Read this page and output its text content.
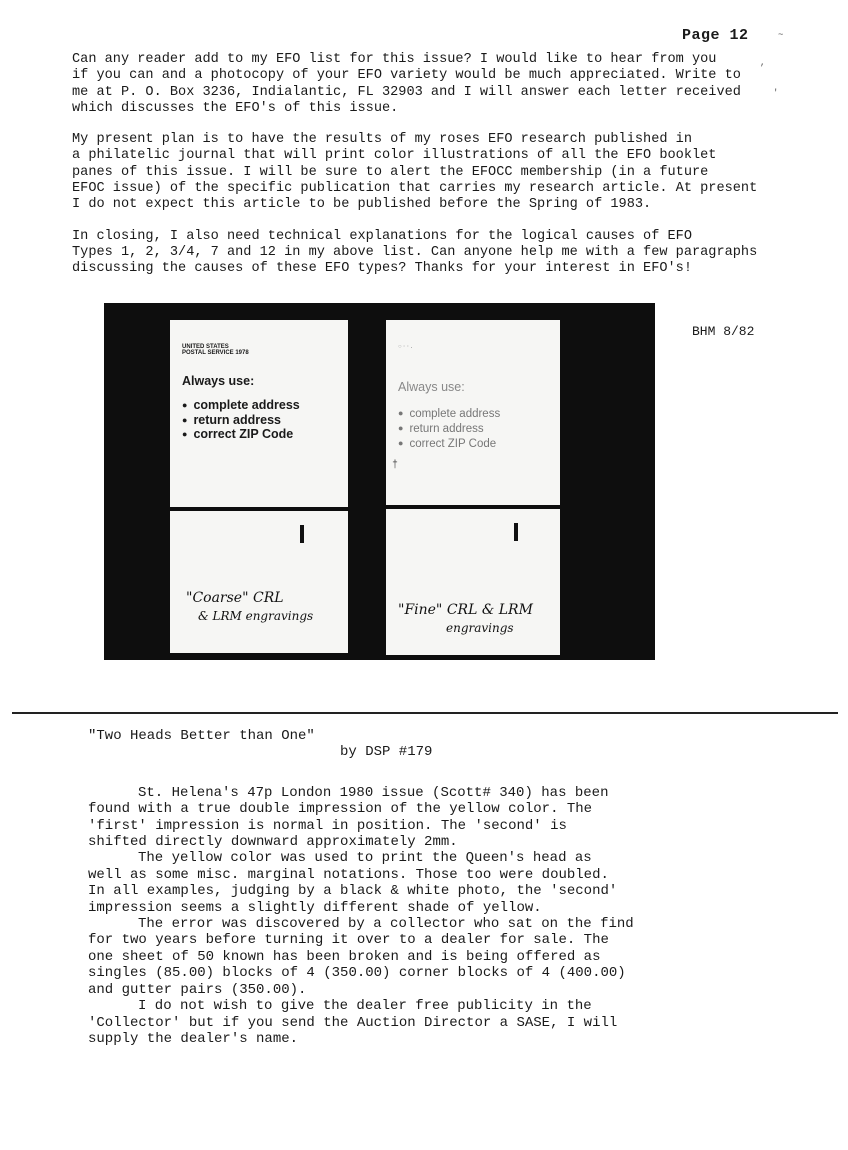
Page 12	~
,
'

Can any reader add to my EFO list for this issue? I would like to hear from you
if you can and a photocopy of your EFO variety would be much appreciated. Write to
me at P. O. Box 3236, Indialantic, FL 32903 and I will answer each letter received
which discusses the EFO's of this issue.

My present plan is to have the results of my roses EFO research published in
a philatelic journal that will print color illustrations of all the EFO booklet
panes of this issue. I will be sure to alert the EFOCC membership (in a future
EFOC issue) of the specific publication that carries my research article. At present
I do not expect this article to be published before the Spring of 1983.

In closing, I also need technical explanations for the logical causes of EFO
Types 1, 2, 3/4, 7 and 12 in my above list. Can anyone help me with a few paragraphs
discussing the causes of these EFO types? Thanks for your interest in EFO's!

UNITED STATES
POSTAL SERVICE 1978
Always use:
● complete address
● return address
● correct ZIP Code
"Coarse" CRL
& LRM engravings
○ · · .
Always use:
● complete address
● return address
● correct ZIP Code
†
"Fine" CRL & LRM
engravings
BHM 8/82

"Two Heads Better than One"

by DSP #179

St. Helena's 47p London 1980 issue (Scott# 340) has been
found with a true double impression of the yellow color. The
'first' impression is normal in position. The 'second' is
shifted directly downward approximately 2mm.

The yellow color was used to print the Queen's head as
well as some misc. marginal notations. Those too were doubled.
In all examples, judging by a black & white photo, the 'second'
impression seems a slightly different shade of yellow.

The error was discovered by a collector who sat on the find
for two years before turning it over to a dealer for sale. The
one sheet of 50 known has been broken and is being offered as
singles (85.00) blocks of 4 (350.00) corner blocks of 4 (400.00)
and gutter pairs (350.00).

I do not wish to give the dealer free publicity in the
'Collector' but if you send the Auction Director a SASE, I will
supply the dealer's name.
